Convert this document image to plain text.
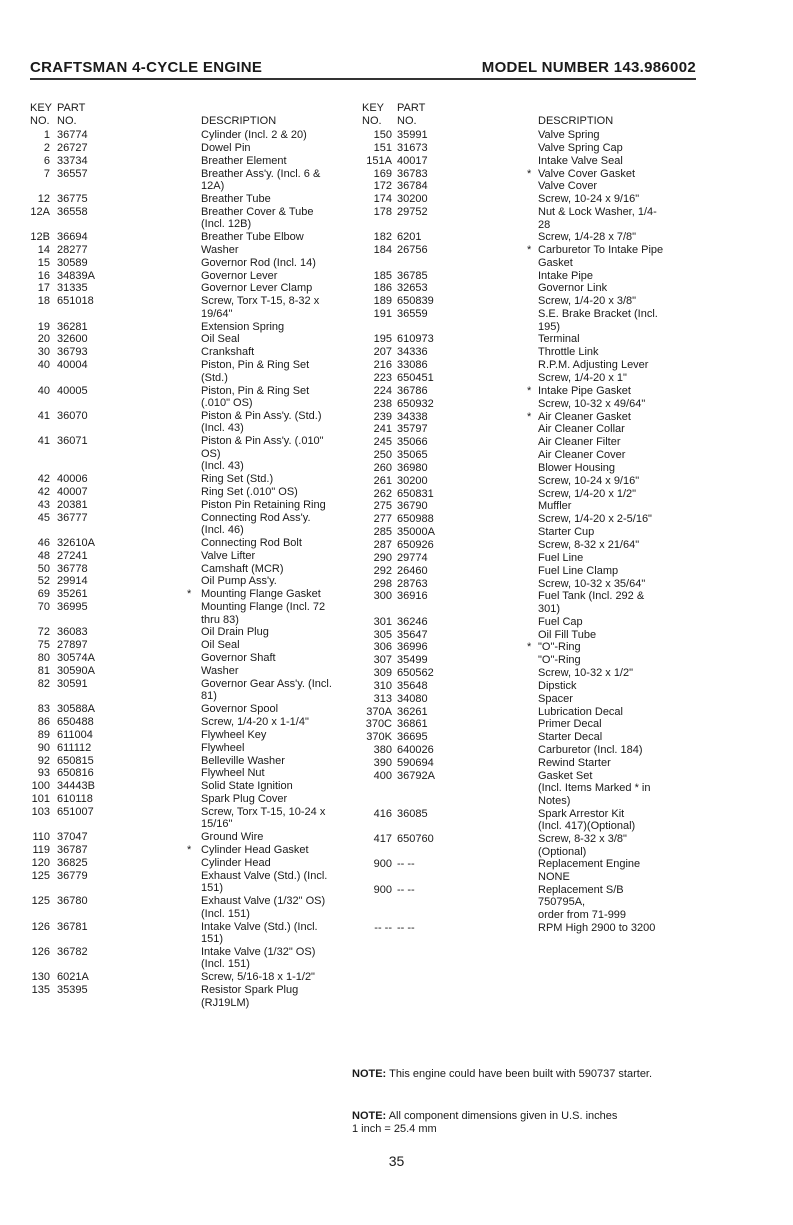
CRAFTSMAN 4-CYCLE ENGINE	MODEL NUMBER 143.986002
KEY
NO.
PART
NO.	DESCRIPTION
1 36774	Cylinder (Incl. 2 & 20)
2 26727	Dowel Pin
6 33734	Breather Element
7 36557	Breather Ass'y. (Incl. 6 &
12A)
12 36775	Breather Tube
12A 36558	Breather Cover & Tube
(Incl. 12B)
12B 36694	Breather Tube Elbow
14 28277	Washer
15 30589	Governor Rod (Incl. 14)
16 34839A	Governor Lever
17 31335	Governor Lever Clamp
18 651018	Screw, Torx T-15, 8-32 x
19/64"
19 36281	Extension Spring
20 32600	Oil Seal
30 36793	Crankshaft
40 40004	Piston, Pin & Ring Set
(Std.)
40 40005	Piston, Pin & Ring Set
(.010" OS)
41 36070	Piston & Pin Ass'y. (Std.)
(Incl. 43)
41 36071	Piston & Pin Ass'y. (.010"
OS)
(Incl. 43)
42 40006	Ring Set (Std.)
42 40007	Ring Set (.010" OS)
43 20381	Piston Pin Retaining Ring
45 36777	Connecting Rod Ass'y.
(Incl. 46)
46 32610A	Connecting Rod Bolt
48 27241	Valve Lifter
50 36778	Camshaft (MCR)
52 29914	Oil Pump Ass'y.
69 35261	* Mounting Flange Gasket
70 36995	Mounting Flange (Incl. 72
thru 83)
72 36083	Oil Drain Plug
75 27897	Oil Seal
80 30574A	Governor Shaft
81 30590A	Washer
82 30591	Governor Gear Ass'y. (Incl.
81)
83 30588A	Governor Spool
86 650488	Screw, 1/4-20 x 1-1/4"
89 611004	Flywheel Key
90 611112	Flywheel
92 650815	Belleville Washer
93 650816	Flywheel Nut
100 34443B	Solid State Ignition
101 610118	Spark Plug Cover
103 651007	Screw, Torx T-15, 10-24 x
15/16"
110 37047	Ground Wire
119 36787	* Cylinder Head Gasket
120 36825	Cylinder Head
125 36779	Exhaust Valve (Std.) (Incl.
151)
125 36780	Exhaust Valve (1/32" OS)
(Incl. 151)
126 36781	Intake Valve (Std.) (Incl.
151)
126 36782	Intake Valve (1/32" OS)
(Incl. 151)
130 6021A	Screw, 5/16-18 x 1-1/2"
135 35395	Resistor Spark Plug
(RJ19LM)
KEY
NO.
PART
NO.	DESCRIPTION
150 35991	Valve Spring
151 31673	Valve Spring Cap
151A 40017	Intake Valve Seal
169 36783	* Valve Cover Gasket
172 36784	Valve Cover
174 30200	Screw, 10-24 x 9/16"
178 29752	Nut & Lock Washer, 1/4-
28
182 6201	Screw, 1/4-28 x 7/8"
184 26756	* Carburetor To Intake Pipe
Gasket
185 36785	Intake Pipe
186 32653	Governor Link
189 650839	Screw, 1/4-20 x 3/8"
191 36559	S.E. Brake Bracket (Incl.
195)
195 610973	Terminal
207 34336	Throttle Link
216 33086	R.P.M. Adjusting Lever
223 650451	Screw, 1/4-20 x 1"
224 36786	* Intake Pipe Gasket
238 650932	Screw, 10-32 x 49/64"
239 34338	* Air Cleaner Gasket
241 35797	Air Cleaner Collar
245 35066	Air Cleaner Filter
250 35065	Air Cleaner Cover
260 36980	Blower Housing
261 30200	Screw, 10-24 x 9/16"
262 650831	Screw, 1/4-20 x 1/2"
275 36790	Muffler
277 650988	Screw, 1/4-20 x 2-5/16"
285 35000A	Starter Cup
287 650926	Screw, 8-32 x 21/64"
290 29774	Fuel Line
292 26460	Fuel Line Clamp
298 28763	Screw, 10-32 x 35/64"
300 36916	Fuel Tank (Incl. 292 &
301)
301 36246	Fuel Cap
305 35647	Oil Fill Tube
306 36996	* "O"-Ring
307 35499	"O"-Ring
309 650562	Screw, 10-32 x 1/2"
310 35648	Dipstick
313 34080	Spacer
370A 36261	Lubrication Decal
370C 36861	Primer Decal
370K 36695	Starter Decal
380 640026	Carburetor (Incl. 184)
390 590694	Rewind Starter
400 36792A	Gasket Set
(Incl. Items Marked * in
Notes)
416 36085	Spark Arrestor Kit
(Incl. 417)(Optional)
417 650760	Screw, 8-32 x 3/8"
(Optional)
900 -- --	Replacement Engine
NONE
900 -- --	Replacement S/B
750795A,
order from 71-999
-- -- -- --	RPM High 2900 to 3200
NOTE: This engine could have been built with 590737 starter.
NOTE: All component dimensions given in U.S. inches
1 inch = 25.4 mm
35
